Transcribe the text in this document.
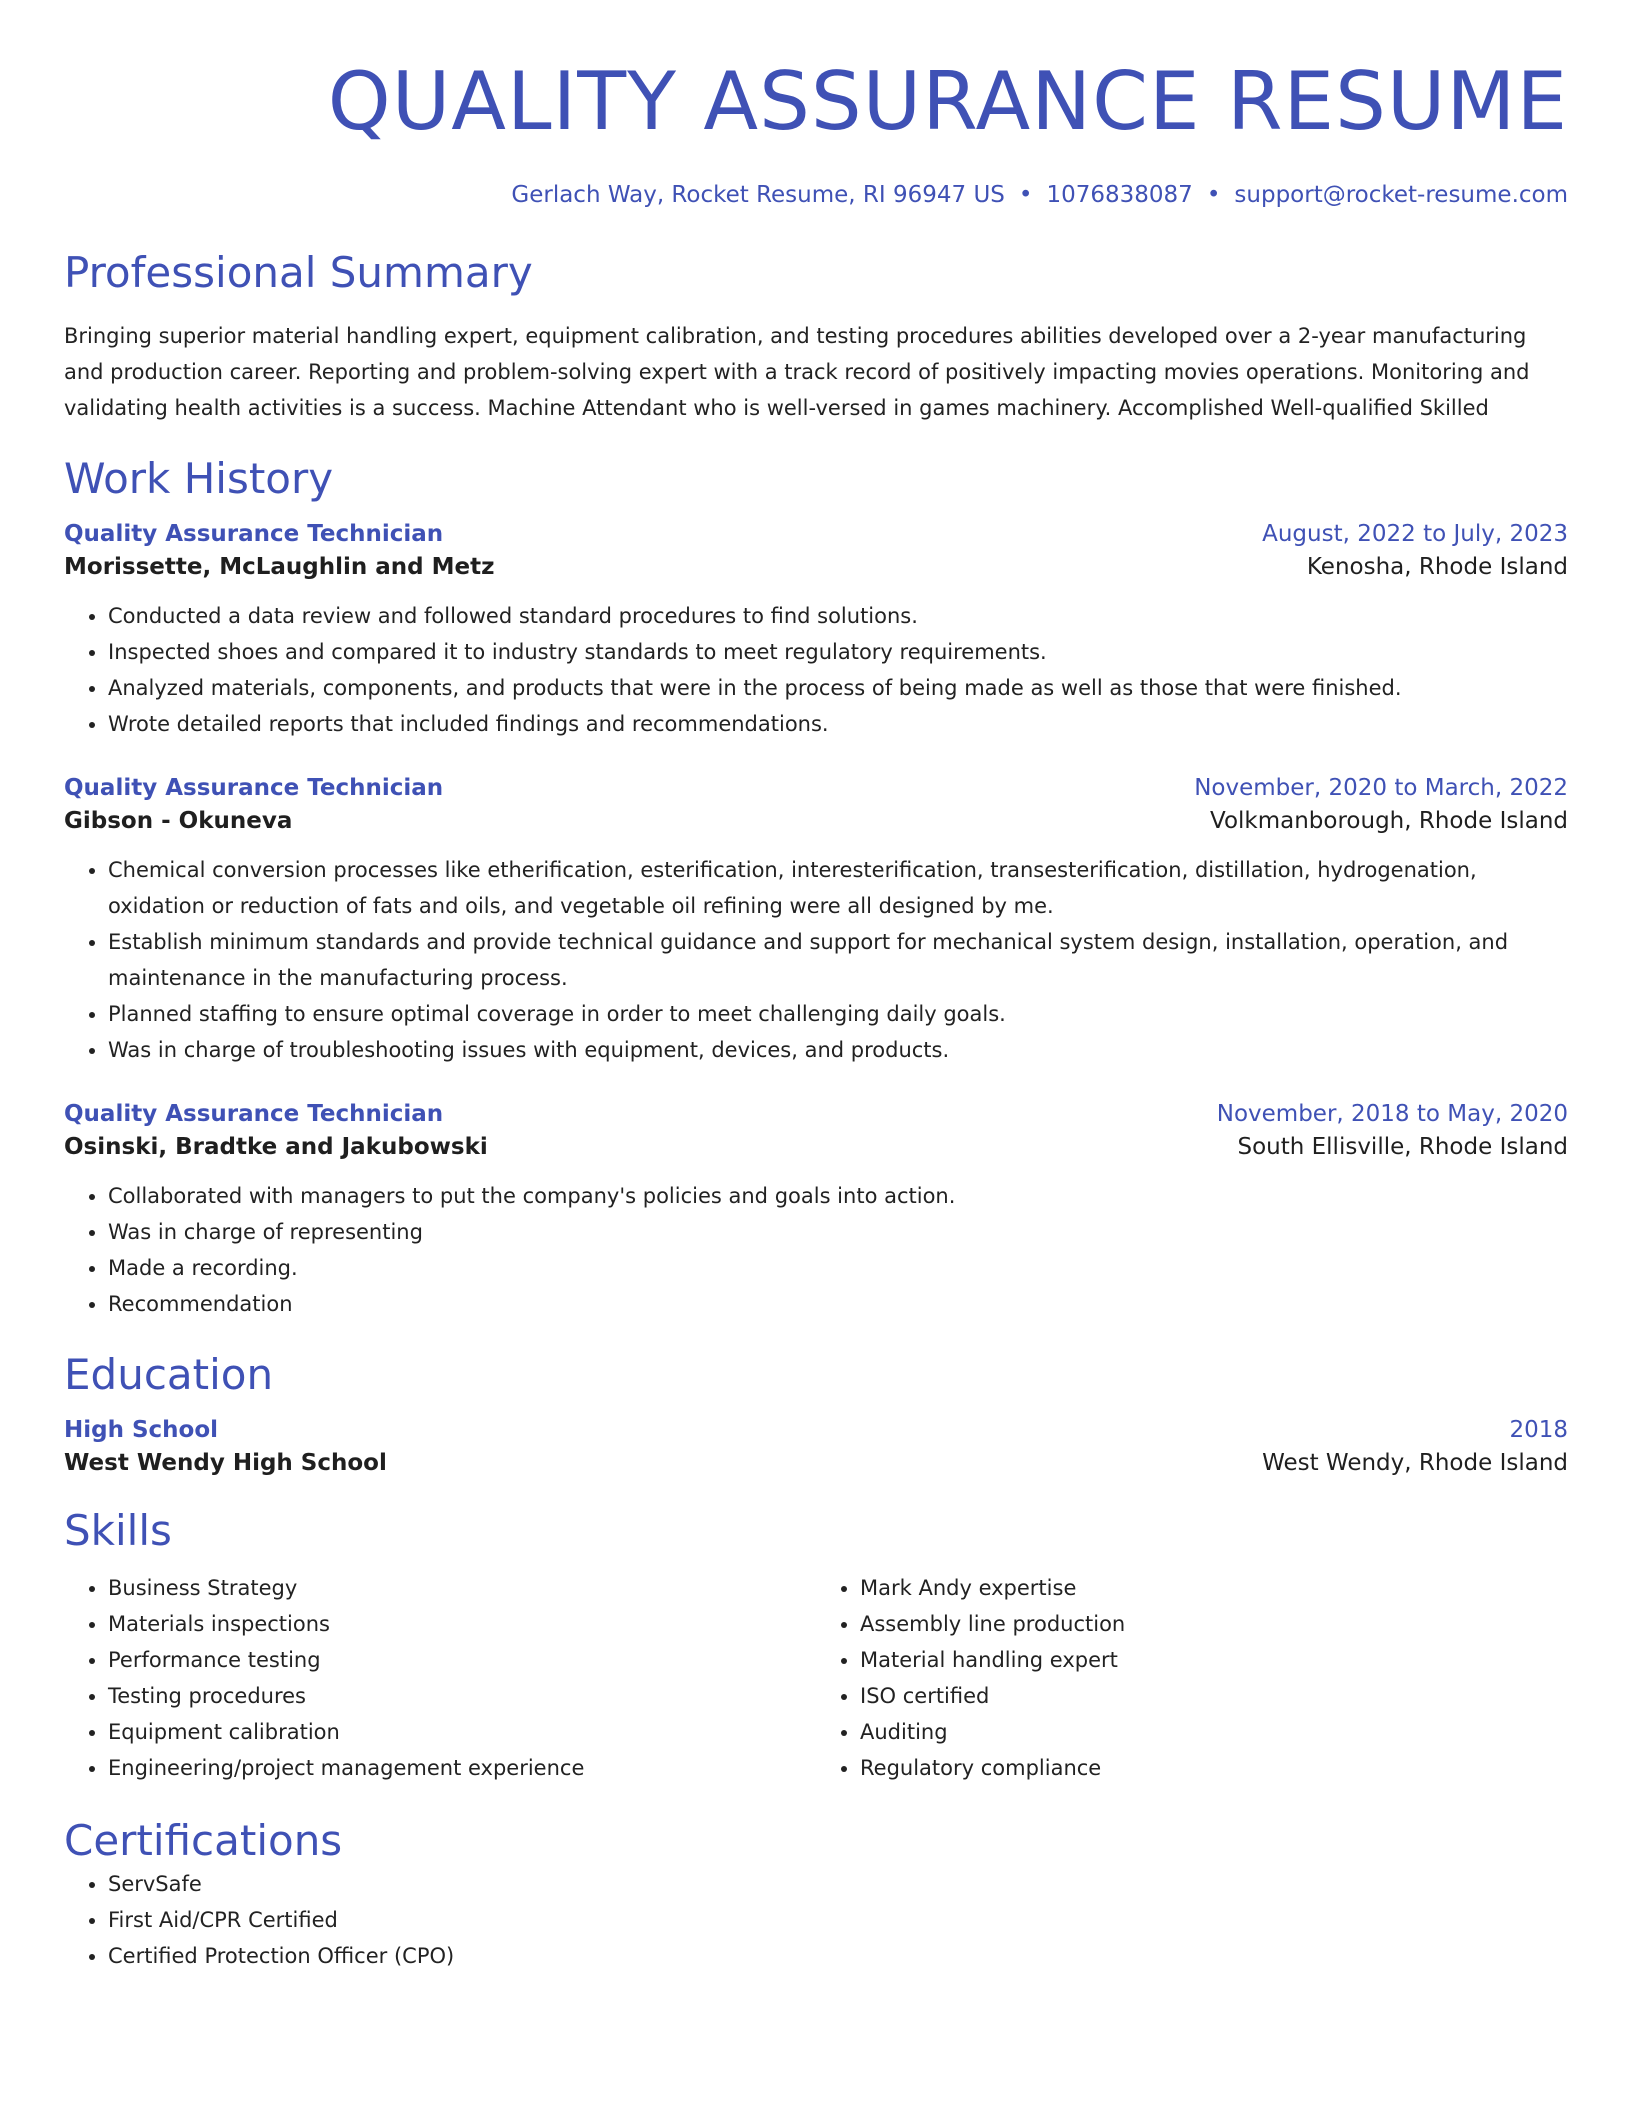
QUALITY ASSURANCE RESUME
Gerlach Way, Rocket Resume, RI 96947 US • 1076838087 • support@rocket-resume.com
Professional Summary
Bringing superior material handling expert, equipment calibration, and testing procedures abilities developed over a 2-year manufacturing and production career. Reporting and problem-solving expert with a track record of positively impacting movies operations. Monitoring and validating health activities is a success. Machine Attendant who is well-versed in games machinery. Accomplished Well-qualified Skilled
Work History
Quality Assurance Technician	August, 2022 to July, 2023
Morissette, McLaughlin and Metz	Kenosha, Rhode Island
• Conducted a data review and followed standard procedures to find solutions.
• Inspected shoes and compared it to industry standards to meet regulatory requirements.
• Analyzed materials, components, and products that were in the process of being made as well as those that were finished.
• Wrote detailed reports that included findings and recommendations.
Quality Assurance Technician	November, 2020 to March, 2022
Gibson - Okuneva	Volkmanborough, Rhode Island
• Chemical conversion processes like etherification, esterification, interesterification, transesterification, distillation, hydrogenation, oxidation or reduction of fats and oils, and vegetable oil refining were all designed by me.
• Establish minimum standards and provide technical guidance and support for mechanical system design, installation, operation, and maintenance in the manufacturing process.
• Planned staffing to ensure optimal coverage in order to meet challenging daily goals.
• Was in charge of troubleshooting issues with equipment, devices, and products.
Quality Assurance Technician	November, 2018 to May, 2020
Osinski, Bradtke and Jakubowski	South Ellisville, Rhode Island
• Collaborated with managers to put the company's policies and goals into action.
• Was in charge of representing
• Made a recording.
• Recommendation
Education
High School	2018
West Wendy High School	West Wendy, Rhode Island
Skills
• Business Strategy
• Materials inspections
• Performance testing
• Testing procedures
• Equipment calibration
• Engineering/project management experience
• Mark Andy expertise
• Assembly line production
• Material handling expert
• ISO certified
• Auditing
• Regulatory compliance
Certifications
• ServSafe
• First Aid/CPR Certified
• Certified Protection Officer (CPO)
